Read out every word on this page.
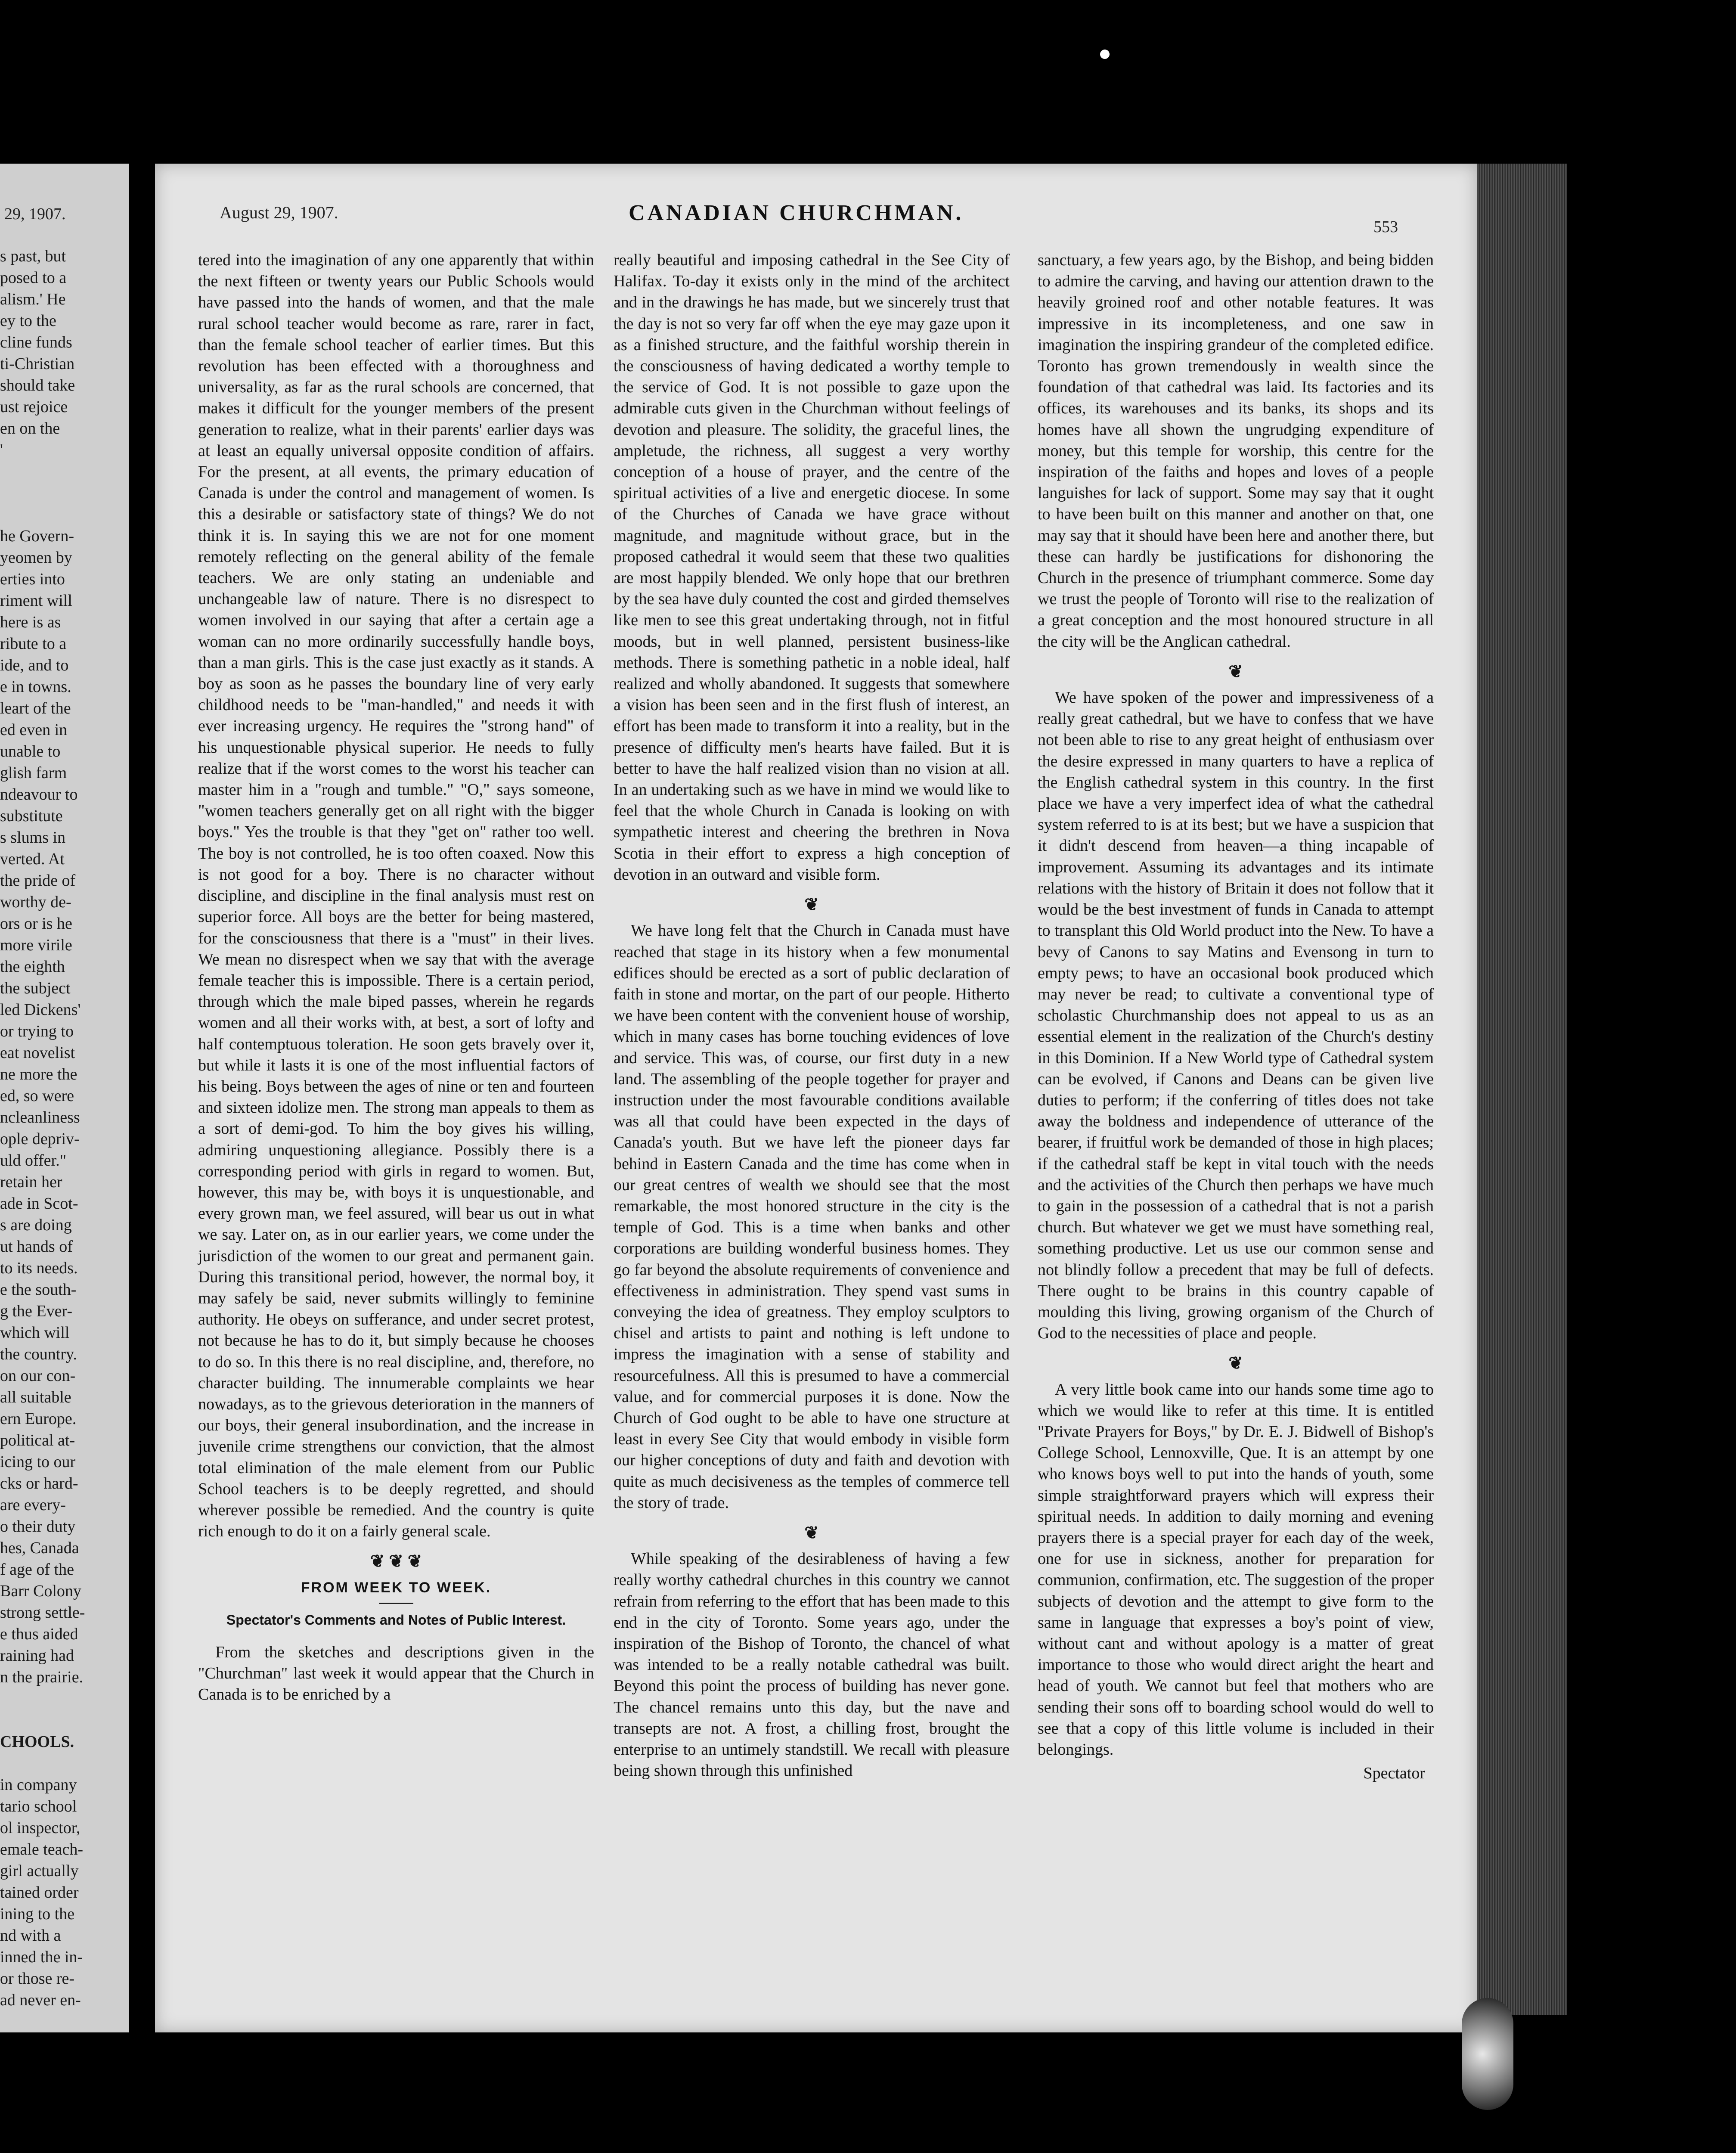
29, 1907.
s past, but
posed to a
alism.' He
ey to the
cline funds
ti-Christian
should take
ust rejoice
en on the
'
he Govern-
yeomen by
erties into
riment will
here is as
ribute to a
ide, and to
e in towns.
leart of the
ed even in
unable to
glish farm
ndeavour to
substitute
s slums in
verted. At
the pride of
worthy de-
ors or is he
more virile
the eighth
the subject
led Dickens'
or trying to
eat novelist
ne more the
ed, so were
ncleanliness
ople depriv-
uld offer."
retain her
ade in Scot-
s are doing
ut hands of
to its needs.
e the south-
g the Ever-
which will
the country.
on our con-
all suitable
ern Europe.
political at-
icing to our
cks or hard-
are every-
o their duty
hes, Canada
f age of the
Barr Colony
strong settle-
e thus aided
raining had
n the prairie.
CHOOLS.
in company
tario school
ol inspector,
emale teach-
girl actually
tained order
ining to the
nd with a
inned the in-
or those re-
ad never en-
August 29, 1907.	CANADIAN CHURCHMAN.
553

tered into the imagination of any one apparently that within the next fifteen or twenty years our Public Schools would have passed into the hands of women, and that the male rural school teacher would become as rare, rarer in fact, than the female school teacher of earlier times. But this revolution has been effected with a thoroughness and universality, as far as the rural schools are concerned, that makes it difficult for the younger members of the present generation to realize, what in their parents' earlier days was at least an equally universal opposite condition of affairs. For the present, at all events, the primary education of Canada is under the control and management of women. Is this a desirable or satisfactory state of things? We do not think it is. In saying this we are not for one moment remotely reflecting on the general ability of the female teachers. We are only stating an undeniable and unchangeable law of nature. There is no disrespect to women involved in our saying that after a certain age a woman can no more ordinarily successfully handle boys, than a man girls. This is the case just exactly as it stands. A boy as soon as he passes the boundary line of very early childhood needs to be "man-handled," and needs it with ever increasing urgency. He requires the "strong hand" of his unquestionable physical superior. He needs to fully realize that if the worst comes to the worst his teacher can master him in a "rough and tumble." "O," says someone, "women teachers generally get on all right with the bigger boys." Yes the trouble is that they "get on" rather too well. The boy is not controlled, he is too often coaxed. Now this is not good for a boy. There is no character without discipline, and discipline in the final analysis must rest on superior force. All boys are the better for being mastered, for the consciousness that there is a "must" in their lives. We mean no disrespect when we say that with the average female teacher this is impossible. There is a certain period, through which the male biped passes, wherein he regards women and all their works with, at best, a sort of lofty and half contemptuous toleration. He soon gets bravely over it, but while it lasts it is one of the most influential factors of his being. Boys between the ages of nine or ten and fourteen and sixteen idolize men. The strong man appeals to them as a sort of demi-god. To him the boy gives his willing, admiring unquestioning allegiance. Possibly there is a corresponding period with girls in regard to women. But, however, this may be, with boys it is unquestionable, and every grown man, we feel assured, will bear us out in what we say. Later on, as in our earlier years, we come under the jurisdiction of the women to our great and permanent gain. During this transitional period, however, the normal boy, it may safely be said, never submits willingly to feminine authority. He obeys on sufferance, and under secret protest, not because he has to do it, but simply because he chooses to do so. In this there is no real discipline, and, therefore, no character building. The innumerable complaints we hear nowadays, as to the grievous deterioration in the manners of our boys, their general insubordination, and the increase in juvenile crime strengthens our conviction, that the almost total elimination of the male element from our Public School teachers is to be deeply regretted, and should wherever possible be remedied. And the country is quite rich enough to do it on a fairly general scale.

❦ ❦ ❦
FROM WEEK TO WEEK.
Spectator's Comments and Notes of Public Interest.

From the sketches and descriptions given in the "Churchman" last week it would appear that the Church in Canada is to be enriched by a

really beautiful and imposing cathedral in the See City of Halifax. To-day it exists only in the mind of the architect and in the drawings he has made, but we sincerely trust that the day is not so very far off when the eye may gaze upon it as a finished structure, and the faithful worship therein in the consciousness of having dedicated a worthy temple to the service of God. It is not possible to gaze upon the admirable cuts given in the Churchman without feelings of devotion and pleasure. The solidity, the graceful lines, the ampletude, the richness, all suggest a very worthy conception of a house of prayer, and the centre of the spiritual activities of a live and energetic diocese. In some of the Churches of Canada we have grace without magnitude, and magnitude without grace, but in the proposed cathedral it would seem that these two qualities are most happily blended. We only hope that our brethren by the sea have duly counted the cost and girded themselves like men to see this great undertaking through, not in fitful moods, but in well planned, persistent business-like methods. There is something pathetic in a noble ideal, half realized and wholly abandoned. It suggests that somewhere a vision has been seen and in the first flush of interest, an effort has been made to transform it into a reality, but in the presence of difficulty men's hearts have failed. But it is better to have the half realized vision than no vision at all. In an undertaking such as we have in mind we would like to feel that the whole Church in Canada is looking on with sympathetic interest and cheering the brethren in Nova Scotia in their effort to express a high conception of devotion in an outward and visible form.

❦

We have long felt that the Church in Canada must have reached that stage in its history when a few monumental edifices should be erected as a sort of public declaration of faith in stone and mortar, on the part of our people. Hitherto we have been content with the convenient house of worship, which in many cases has borne touching evidences of love and service. This was, of course, our first duty in a new land. The assembling of the people together for prayer and instruction under the most favourable conditions available was all that could have been expected in the days of Canada's youth. But we have left the pioneer days far behind in Eastern Canada and the time has come when in our great centres of wealth we should see that the most remarkable, the most honored structure in the city is the temple of God. This is a time when banks and other corporations are building wonderful business homes. They go far beyond the absolute requirements of convenience and effectiveness in administration. They spend vast sums in conveying the idea of greatness. They employ sculptors to chisel and artists to paint and nothing is left undone to impress the imagination with a sense of stability and resourcefulness. All this is presumed to have a commercial value, and for commercial purposes it is done. Now the Church of God ought to be able to have one structure at least in every See City that would embody in visible form our higher conceptions of duty and faith and devotion with quite as much decisiveness as the temples of commerce tell the story of trade.

❦

While speaking of the desirableness of having a few really worthy cathedral churches in this country we cannot refrain from referring to the effort that has been made to this end in the city of Toronto. Some years ago, under the inspiration of the Bishop of Toronto, the chancel of what was intended to be a really notable cathedral was built. Beyond this point the process of building has never gone. The chancel remains unto this day, but the nave and transepts are not. A frost, a chilling frost, brought the enterprise to an untimely standstill. We recall with pleasure being shown through this unfinished

sanctuary, a few years ago, by the Bishop, and being bidden to admire the carving, and having our attention drawn to the heavily groined roof and other notable features. It was impressive in its incompleteness, and one saw in imagination the inspiring grandeur of the completed edifice. Toronto has grown tremendously in wealth since the foundation of that cathedral was laid. Its factories and its offices, its warehouses and its banks, its shops and its homes have all shown the ungrudging expenditure of money, but this temple for worship, this centre for the inspiration of the faiths and hopes and loves of a people languishes for lack of support. Some may say that it ought to have been built on this manner and another on that, one may say that it should have been here and another there, but these can hardly be justifications for dishonoring the Church in the presence of triumphant commerce. Some day we trust the people of Toronto will rise to the realization of a great conception and the most honoured structure in all the city will be the Anglican cathedral.

❦

We have spoken of the power and impressiveness of a really great cathedral, but we have to confess that we have not been able to rise to any great height of enthusiasm over the desire expressed in many quarters to have a replica of the English cathedral system in this country. In the first place we have a very imperfect idea of what the cathedral system referred to is at its best; but we have a suspicion that it didn't descend from heaven—a thing incapable of improvement. Assuming its advantages and its intimate relations with the history of Britain it does not follow that it would be the best investment of funds in Canada to attempt to transplant this Old World product into the New. To have a bevy of Canons to say Matins and Evensong in turn to empty pews; to have an occasional book produced which may never be read; to cultivate a conventional type of scholastic Churchmanship does not appeal to us as an essential element in the realization of the Church's destiny in this Dominion. If a New World type of Cathedral system can be evolved, if Canons and Deans can be given live duties to perform; if the conferring of titles does not take away the boldness and independence of utterance of the bearer, if fruitful work be demanded of those in high places; if the cathedral staff be kept in vital touch with the needs and the activities of the Church then perhaps we have much to gain in the possession of a cathedral that is not a parish church. But whatever we get we must have something real, something productive. Let us use our common sense and not blindly follow a precedent that may be full of defects. There ought to be brains in this country capable of moulding this living, growing organism of the Church of God to the necessities of place and people.

❦

A very little book came into our hands some time ago to which we would like to refer at this time. It is entitled "Private Prayers for Boys," by Dr. E. J. Bidwell of Bishop's College School, Lennoxville, Que. It is an attempt by one who knows boys well to put into the hands of youth, some simple straightforward prayers which will express their spiritual needs. In addition to daily morning and evening prayers there is a special prayer for each day of the week, one for use in sickness, another for preparation for communion, confirmation, etc. The suggestion of the proper subjects of devotion and the attempt to give form to the same in language that expresses a boy's point of view, without cant and without apology is a matter of great importance to those who would direct aright the heart and head of youth. We cannot but feel that mothers who are sending their sons off to boarding school would do well to see that a copy of this little volume is included in their belongings.

Spectator
